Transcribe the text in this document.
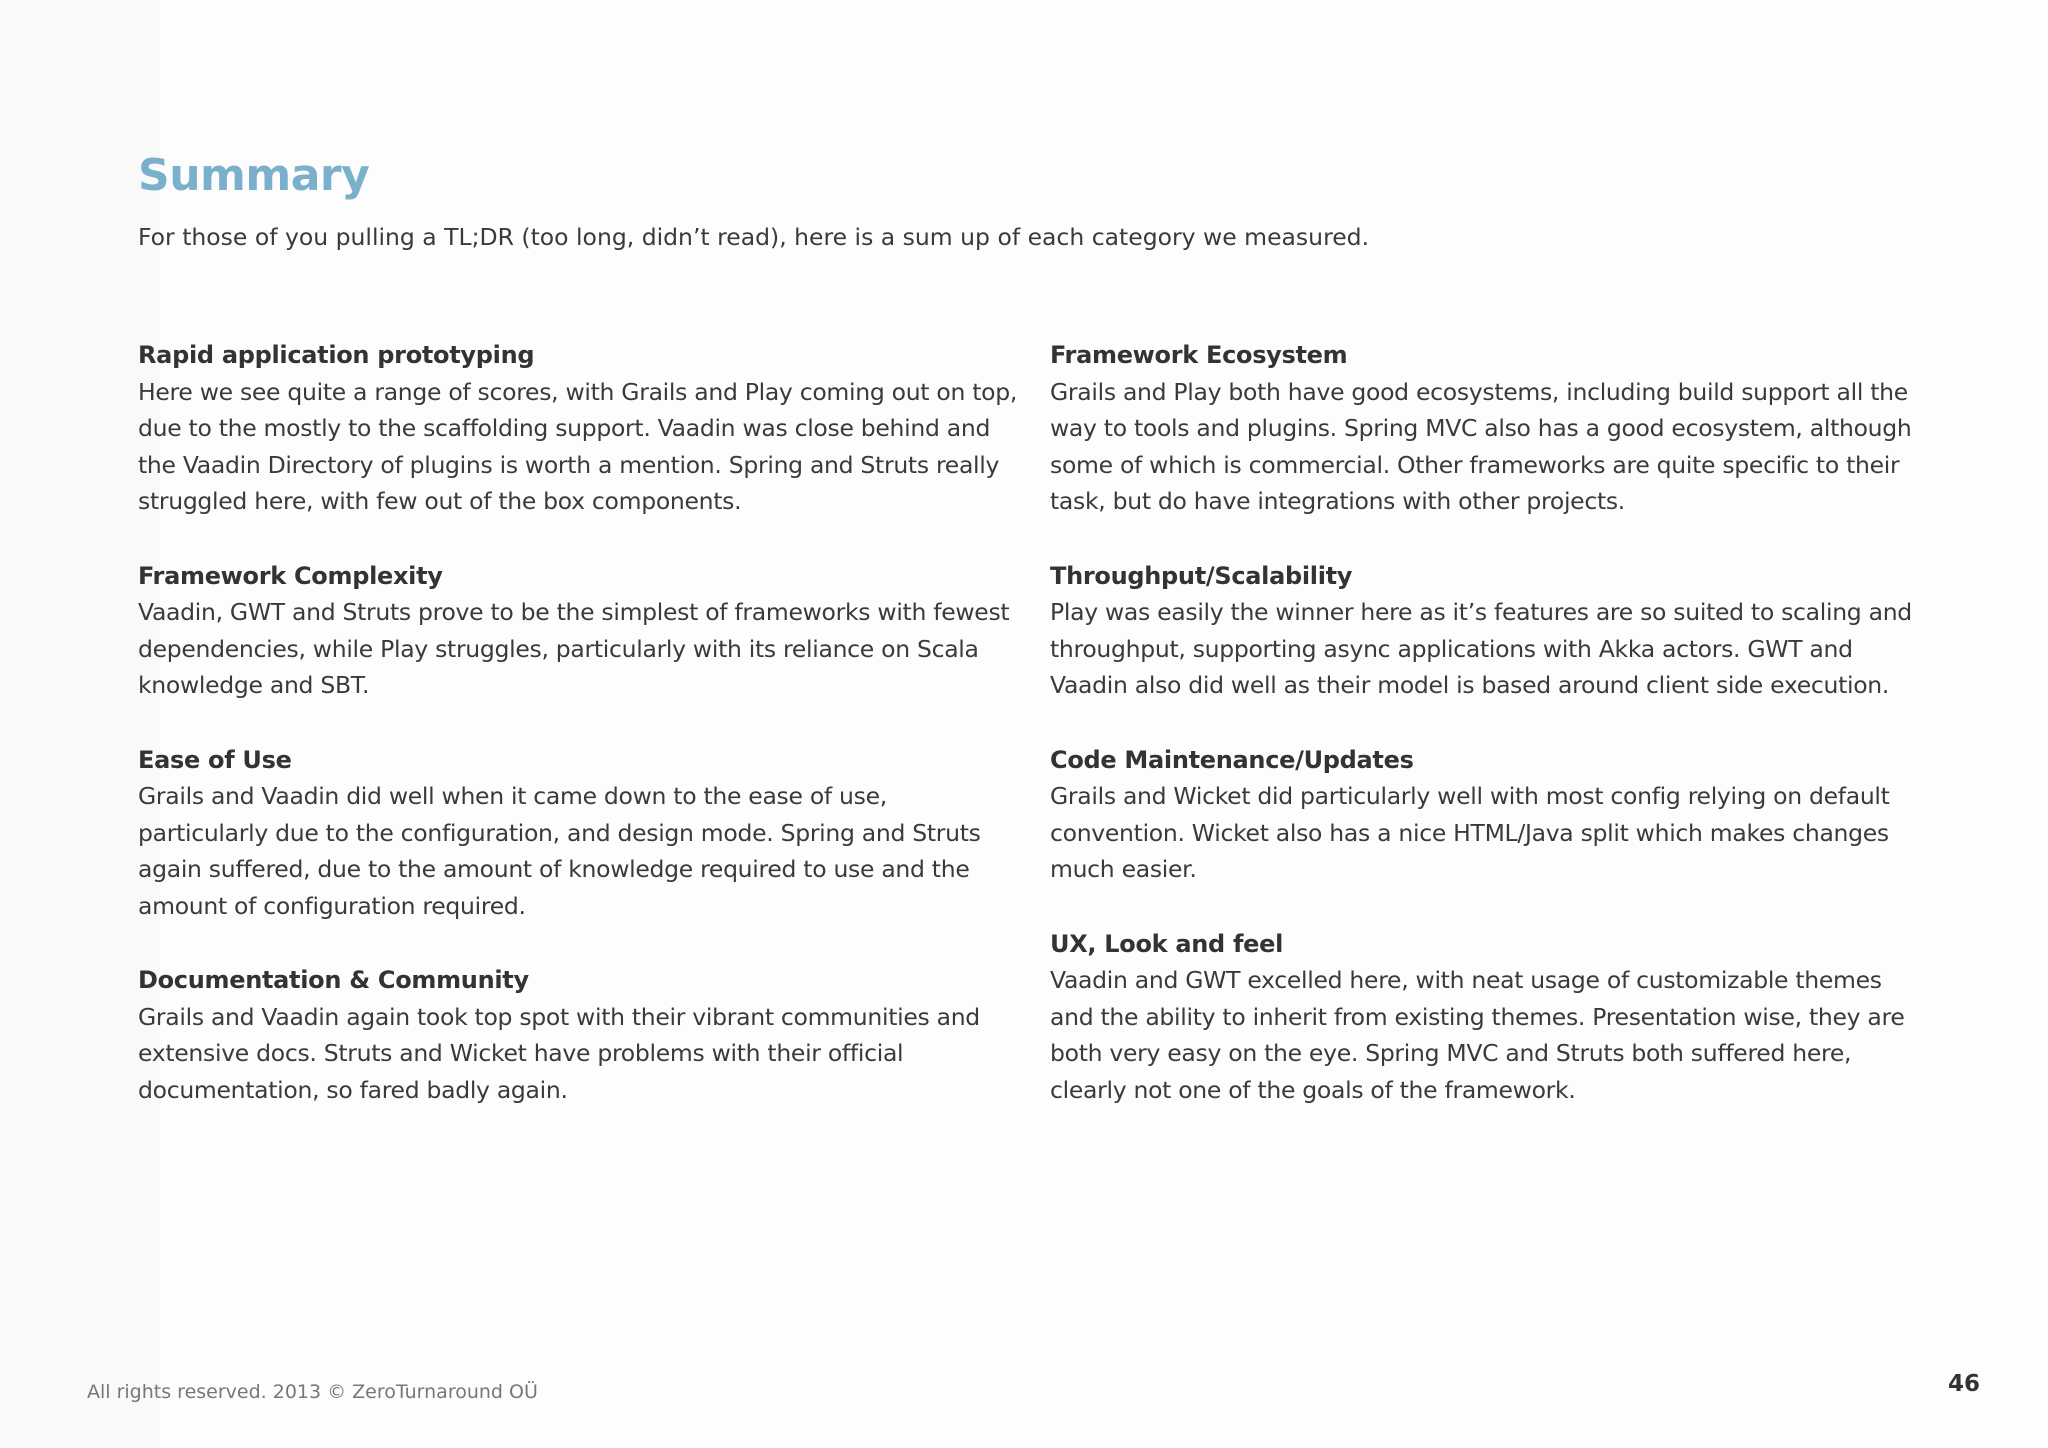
Summary

For those of you pulling a TL;DR (too long, didn’t read), here is a sum up of each category we measured.

Rapid application prototyping

Here we see quite a range of scores, with Grails and Play coming out on top, due to the mostly to the scaffolding support. Vaadin was close behind and the Vaadin Directory of plugins is worth a mention. Spring and Struts really struggled here, with few out of the box components.

Framework Complexity

Vaadin, GWT and Struts prove to be the simplest of frameworks with fewest dependencies, while Play struggles, particularly with its reliance on Scala knowledge and SBT.

Ease of Use

Grails and Vaadin did well when it came down to the ease of use, particularly due to the configuration, and design mode. Spring and Struts again suffered, due to the amount of knowledge required to use and the amount of configuration required.

Documentation & Community

Grails and Vaadin again took top spot with their vibrant communities and extensive docs. Struts and Wicket have problems with their official documentation, so fared badly again.

Framework Ecosystem

Grails and Play both have good ecosystems, including build support all the way to tools and plugins. Spring MVC also has a good ecosystem, although some of which is commercial. Other frameworks are quite specific to their task, but do have integrations with other projects.

Throughput/Scalability

Play was easily the winner here as it’s features are so suited to scaling and throughput, supporting async applications with Akka actors. GWT and Vaadin also did well as their model is based around client side execution.

Code Maintenance/Updates

Grails and Wicket did particularly well with most config relying on default convention. Wicket also has a nice HTML/Java split which makes changes much easier.

UX, Look and feel

Vaadin and GWT excelled here, with neat usage of customizable themes and the ability to inherit from existing themes. Presentation wise, they are both very easy on the eye. Spring MVC and Struts both suffered here, clearly not one of the goals of the framework.

All rights reserved. 2013 © ZeroTurnaround OÜ	46
